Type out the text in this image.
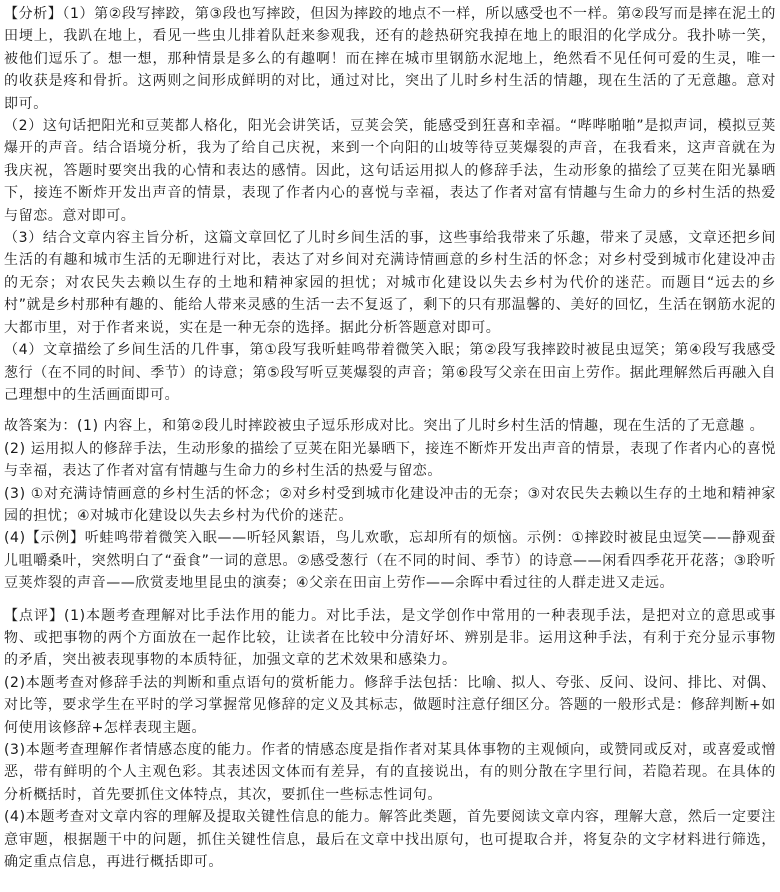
【分析】（1）第②段写摔跤，第③段也写摔跤，但因为摔跤的地点不一样，所以感受也不一样。第②段写而是摔在泥土的田埂上，我趴在地上，看见一些虫儿排着队赶来参观我，还有的趁热研究我掉在地上的眼泪的化学成分。我扑哧一笑，被他们逗乐了。想一想，那种情景是多么的有趣啊！而在摔在城市里钢筋水泥地上，绝然看不见任何可爱的生灵，唯一的收获是疼和骨折。这两则之间形成鲜明的对比，通过对比，突出了儿时乡村生活的情趣，现在生活的了无意趣。意对即可。

（2）这句话把阳光和豆荚都人格化，阳光会讲笑话，豆荚会笑，能感受到狂喜和幸福。“哔哔啪啪”是拟声词，模拟豆荚爆开的声音。结合语境分析，我为了给自己庆祝，来到一个向阳的山坡等待豆荚爆裂的声音，在我看来，这声音就在为我庆祝，答题时要突出我的心情和表达的感情。因此，这句话运用拟人的修辞手法，生动形象的描绘了豆荚在阳光暴晒下，接连不断炸开发出声音的情景，表现了作者内心的喜悦与幸福，表达了作者对富有情趣与生命力的乡村生活的热爱与留恋。意对即可。

（3）结合文章内容主旨分析，这篇文章回忆了儿时乡间生活的事，这些事给我带来了乐趣，带来了灵感，文章还把乡间生活的有趣和城市生活的无聊进行对比，表达了对乡间对充满诗情画意的乡村生活的怀念；对乡村受到城市化建设冲击的无奈；对农民失去赖以生存的土地和精神家园的担忧；对城市化建设以失去乡村为代价的迷茫。而题目“远去的乡村”就是乡村那种有趣的、能给人带来灵感的生活一去不复返了，剩下的只有那温馨的、美好的回忆，生活在钢筋水泥的大都市里，对于作者来说，实在是一种无奈的选择。据此分析答题意对即可。

（4）文章描绘了乡间生活的几件事，第①段写我听蛙鸣带着微笑入眠；第②段写我摔跤时被昆虫逗笑；第④段写我感受葱行（在不同的时间、季节）的诗意；第⑤段写听豆荚爆裂的声音；第⑥段写父亲在田亩上劳作。据此理解然后再融入自己理想中的生活画面即可。

故答案为：(1) 内容上，和第②段儿时摔跤被虫子逗乐形成对比。突出了儿时乡村生活的情趣，现在生活的了无意趣 。

(2) 运用拟人的修辞手法，生动形象的描绘了豆荚在阳光暴晒下，接连不断炸开发出声音的情景，表现了作者内心的喜悦与幸福，表达了作者对富有情趣与生命力的乡村生活的热爱与留恋。

(3) ①对充满诗情画意的乡村生活的怀念；②对乡村受到城市化建设冲击的无奈；③对农民失去赖以生存的土地和精神家园的担忧；④对城市化建设以失去乡村为代价的迷茫。

(4)【示例】听蛙鸣带着微笑入眠——听轻风絮语，鸟儿欢歌，忘却所有的烦恼。示例：①摔跤时被昆虫逗笑——静观蚕儿咀嚼桑叶，突然明白了“蚕食”一词的意思。②感受葱行（在不同的时间、季节）的诗意——闲看四季花开花落；③聆听豆荚炸裂的声音——欣赏麦地里昆虫的演奏；④父亲在田亩上劳作——余晖中看过往的人群走进又走远。

【点评】(1)本题考查理解对比手法作用的能力。对比手法，是文学创作中常用的一种表现手法，是把对立的意思或事物、或把事物的两个方面放在一起作比较，让读者在比较中分清好坏、辨别是非。运用这种手法，有利于充分显示事物的矛盾，突出被表现事物的本质特征，加强文章的艺术效果和感染力。

(2)本题考查对修辞手法的判断和重点语句的赏析能力。修辞手法包括：比喻、拟人、夸张、反问、设问、排比、对偶、对比等，要求学生在平时的学习掌握常见修辞的定义及其标志，做题时注意仔细区分。答题的一般形式是：修辞判断+如何使用该修辞+怎样表现主题。

(3)本题考查理解作者情感态度的能力。作者的情感态度是指作者对某具体事物的主观倾向，或赞同或反对，或喜爱或憎恶，带有鲜明的个人主观色彩。其表述因文体而有差异，有的直接说出，有的则分散在字里行间，若隐若现。在具体的分析概括时，首先要抓住文体特点，其次，要抓住一些标志性词句。

(4)本题考查对文章内容的理解及提取关键性信息的能力。解答此类题，首先要阅读文章内容，理解大意，然后一定要注意审题，根据题干中的问题，抓住关键性信息，最后在文章中找出原句，也可提取合并，将复杂的文字材料进行筛选，确定重点信息，再进行概括即可。
